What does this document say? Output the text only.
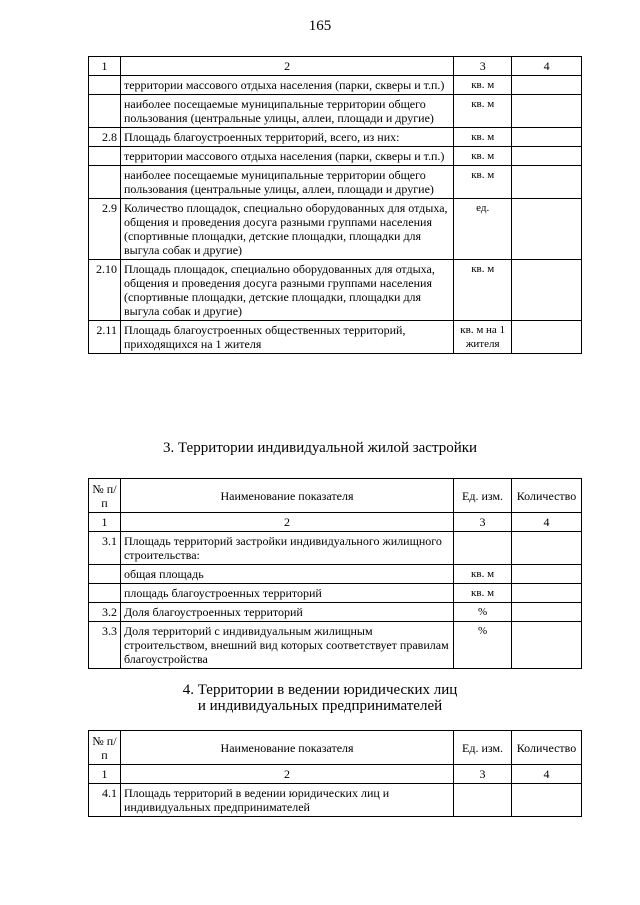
165
1	2	3	4
	территории массового отдыха населения (парки, скверы и т.п.)	кв. м	
	наиболее посещаемые муниципальные территории общего пользования (центральные улицы, аллеи, площади и другие)	кв. м	
2.8	Площадь благоустроенных территорий, всего, из них:	кв. м	
	территории массового отдыха населения (парки, скверы и т.п.)	кв. м	
	наиболее посещаемые муниципальные территории общего пользования (центральные улицы, аллеи, площади и другие)	кв. м	
2.9	Количество площадок, специально оборудованных для отдыха, общения и проведения досуга разными группами населения (спортивные площадки, детские площадки, площадки для выгула собак и другие)	ед.	
2.10	Площадь площадок, специально оборудованных для отдыха, общения и проведения досуга разными группами населения (спортивные площадки, детские площадки, площадки для выгула собак и другие)	кв. м	
2.11	Площадь благоустроенных общественных территорий, приходящихся на 1 жителя	кв. м на 1 жителя	
3. Территории индивидуальной жилой застройки
№ п/п	Наименование показателя	Ед. изм.	Количество
1	2	3	4
3.1	Площадь территорий застройки индивидуального жилищного строительства:		
	общая площадь	кв. м	
	площадь благоустроенных территорий	кв. м	
3.2	Доля благоустроенных территорий	%	
3.3	Доля территорий с индивидуальным жилищным строительством, внешний вид которых соответствует правилам благоустройства	%	
4. Территории в ведении юридических лиц
и индивидуальных предпринимателей
№ п/п	Наименование показателя	Ед. изм.	Количество
1	2	3	4
4.1	Площадь территорий в ведении юридических лиц и индивидуальных предпринимателей		
